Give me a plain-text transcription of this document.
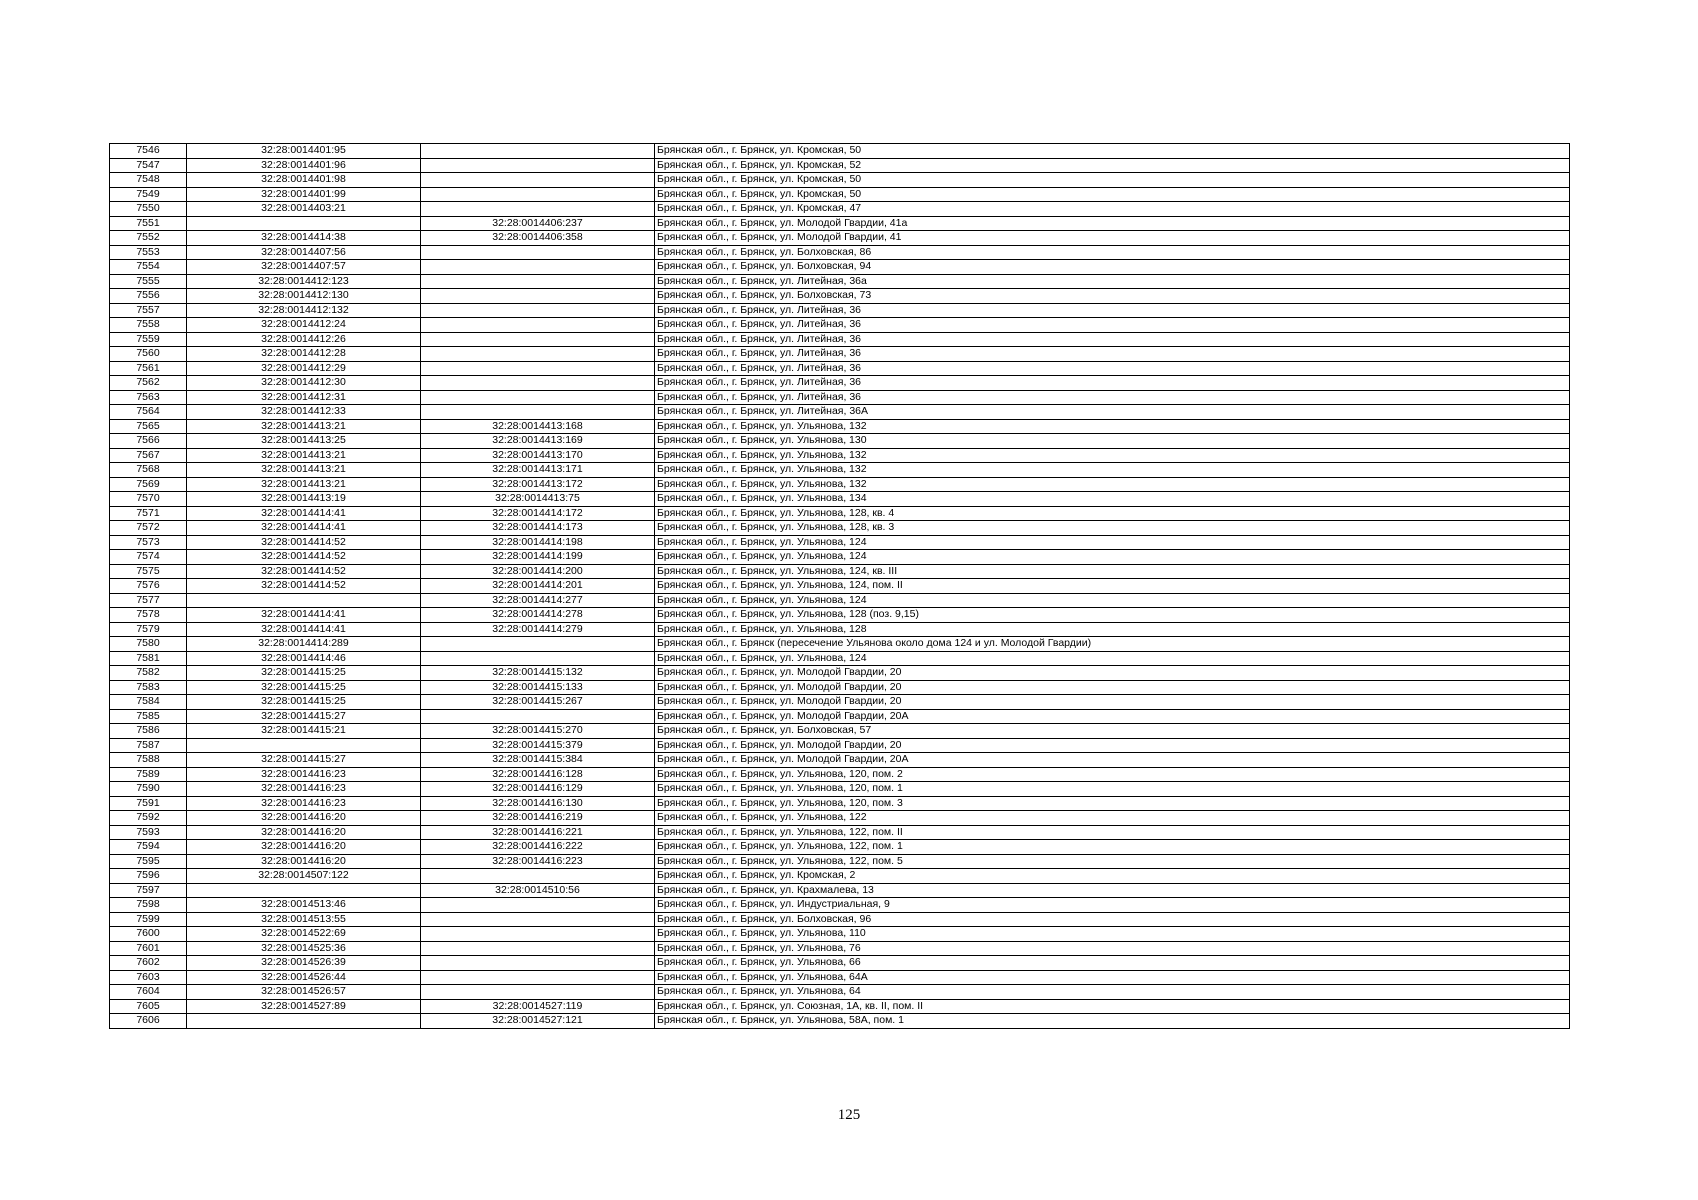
7546	32:28:0014401:95		Брянская обл., г. Брянск, ул. Кромская, 50
7547	32:28:0014401:96		Брянская обл., г. Брянск, ул. Кромская, 52
7548	32:28:0014401:98		Брянская обл., г. Брянск, ул. Кромская, 50
7549	32:28:0014401:99		Брянская обл., г. Брянск, ул. Кромская, 50
7550	32:28:0014403:21		Брянская обл., г. Брянск, ул. Кромская, 47
7551		32:28:0014406:237	Брянская обл., г. Брянск, ул. Молодой Гвардии, 41а
7552	32:28:0014414:38	32:28:0014406:358	Брянская обл., г. Брянск, ул. Молодой Гвардии, 41
7553	32:28:0014407:56		Брянская обл., г. Брянск, ул. Болховская, 86
7554	32:28:0014407:57		Брянская обл., г. Брянск, ул. Болховская, 94
7555	32:28:0014412:123		Брянская обл., г. Брянск, ул. Литейная, 36а
7556	32:28:0014412:130		Брянская обл., г. Брянск, ул. Болховская, 73
7557	32:28:0014412:132		Брянская обл., г. Брянск, ул. Литейная, 36
7558	32:28:0014412:24		Брянская обл., г. Брянск, ул. Литейная, 36
7559	32:28:0014412:26		Брянская обл., г. Брянск, ул. Литейная, 36
7560	32:28:0014412:28		Брянская обл., г. Брянск, ул. Литейная, 36
7561	32:28:0014412:29		Брянская обл., г. Брянск, ул. Литейная, 36
7562	32:28:0014412:30		Брянская обл., г. Брянск, ул. Литейная, 36
7563	32:28:0014412:31		Брянская обл., г. Брянск, ул. Литейная, 36
7564	32:28:0014412:33		Брянская обл., г. Брянск, ул. Литейная, 36А
7565	32:28:0014413:21	32:28:0014413:168	Брянская обл., г. Брянск, ул. Ульянова, 132
7566	32:28:0014413:25	32:28:0014413:169	Брянская обл., г. Брянск, ул. Ульянова, 130
7567	32:28:0014413:21	32:28:0014413:170	Брянская обл., г. Брянск, ул. Ульянова, 132
7568	32:28:0014413:21	32:28:0014413:171	Брянская обл., г. Брянск, ул. Ульянова, 132
7569	32:28:0014413:21	32:28:0014413:172	Брянская обл., г. Брянск, ул. Ульянова, 132
7570	32:28:0014413:19	32:28:0014413:75	Брянская обл., г. Брянск, ул. Ульянова, 134
7571	32:28:0014414:41	32:28:0014414:172	Брянская обл., г. Брянск, ул. Ульянова, 128, кв. 4
7572	32:28:0014414:41	32:28:0014414:173	Брянская обл., г. Брянск, ул. Ульянова, 128, кв. 3
7573	32:28:0014414:52	32:28:0014414:198	Брянская обл., г. Брянск, ул. Ульянова, 124
7574	32:28:0014414:52	32:28:0014414:199	Брянская обл., г. Брянск, ул. Ульянова, 124
7575	32:28:0014414:52	32:28:0014414:200	Брянская обл., г. Брянск, ул. Ульянова, 124, кв. III
7576	32:28:0014414:52	32:28:0014414:201	Брянская обл., г. Брянск, ул. Ульянова, 124, пом. II
7577		32:28:0014414:277	Брянская обл., г. Брянск, ул. Ульянова, 124
7578	32:28:0014414:41	32:28:0014414:278	Брянская обл., г. Брянск, ул. Ульянова, 128 (поз. 9,15)
7579	32:28:0014414:41	32:28:0014414:279	Брянская обл., г. Брянск, ул. Ульянова, 128
7580	32:28:0014414:289		Брянская обл., г. Брянск (пересечение Ульянова около дома 124 и ул. Молодой Гвардии)
7581	32:28:0014414:46		Брянская обл., г. Брянск, ул. Ульянова, 124
7582	32:28:0014415:25	32:28:0014415:132	Брянская обл., г. Брянск, ул. Молодой Гвардии, 20
7583	32:28:0014415:25	32:28:0014415:133	Брянская обл., г. Брянск, ул. Молодой Гвардии, 20
7584	32:28:0014415:25	32:28:0014415:267	Брянская обл., г. Брянск, ул. Молодой Гвардии, 20
7585	32:28:0014415:27		Брянская обл., г. Брянск, ул. Молодой Гвардии, 20А
7586	32:28:0014415:21	32:28:0014415:270	Брянская обл., г. Брянск, ул. Болховская, 57
7587		32:28:0014415:379	Брянская обл., г. Брянск, ул. Молодой Гвардии, 20
7588	32:28:0014415:27	32:28:0014415:384	Брянская обл., г. Брянск, ул. Молодой Гвардии, 20А
7589	32:28:0014416:23	32:28:0014416:128	Брянская обл., г. Брянск, ул. Ульянова, 120, пом. 2
7590	32:28:0014416:23	32:28:0014416:129	Брянская обл., г. Брянск, ул. Ульянова, 120, пом. 1
7591	32:28:0014416:23	32:28:0014416:130	Брянская обл., г. Брянск, ул. Ульянова, 120, пом. 3
7592	32:28:0014416:20	32:28:0014416:219	Брянская обл., г. Брянск, ул. Ульянова, 122
7593	32:28:0014416:20	32:28:0014416:221	Брянская обл., г. Брянск, ул. Ульянова, 122, пом. II
7594	32:28:0014416:20	32:28:0014416:222	Брянская обл., г. Брянск, ул. Ульянова, 122, пом. 1
7595	32:28:0014416:20	32:28:0014416:223	Брянская обл., г. Брянск, ул. Ульянова, 122, пом. 5
7596	32:28:0014507:122		Брянская обл., г. Брянск, ул. Кромская, 2
7597		32:28:0014510:56	Брянская обл., г. Брянск, ул. Крахмалева, 13
7598	32:28:0014513:46		Брянская обл., г. Брянск, ул. Индустриальная, 9
7599	32:28:0014513:55		Брянская обл., г. Брянск, ул. Болховская, 96
7600	32:28:0014522:69		Брянская обл., г. Брянск, ул. Ульянова, 110
7601	32:28:0014525:36		Брянская обл., г. Брянск, ул. Ульянова, 76
7602	32:28:0014526:39		Брянская обл., г. Брянск, ул. Ульянова, 66
7603	32:28:0014526:44		Брянская обл., г. Брянск, ул. Ульянова, 64А
7604	32:28:0014526:57		Брянская обл., г. Брянск, ул. Ульянова, 64
7605	32:28:0014527:89	32:28:0014527:119	Брянская обл., г. Брянск, ул. Союзная, 1А, кв. II, пом. II
7606		32:28:0014527:121	Брянская обл., г. Брянск, ул. Ульянова, 58А, пом. 1
125
